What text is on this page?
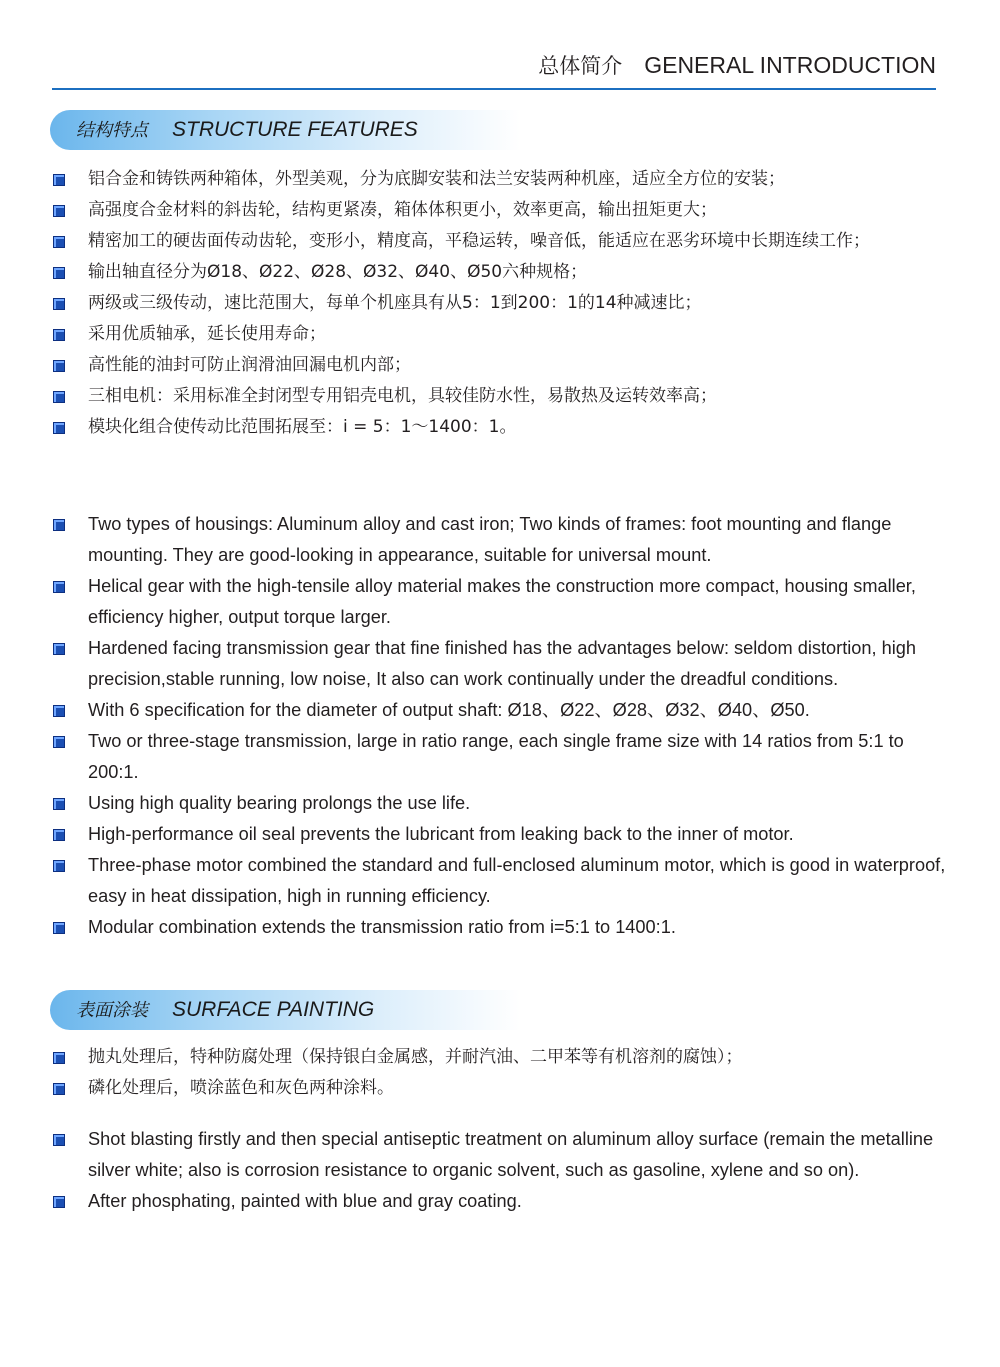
总体简介 GENERAL INTRODUCTION
结构特点 STRUCTURE FEATURES
铝合金和铸铁两种箱体，外型美观，分为底脚安装和法兰安装两种机座，适应全方位的安装；
高强度合金材料的斜齿轮，结构更紧凑，箱体体积更小，效率更高，输出扭矩更大；
精密加工的硬齿面传动齿轮，变形小，精度高，平稳运转，噪音低，能适应在恶劣环境中长期连续工作；
输出轴直径分为Ø18、Ø22、Ø28、Ø32、Ø40、Ø50六种规格；
两级或三级传动，速比范围大，每单个机座具有从5：1到200：1的14种减速比；
采用优质轴承，延长使用寿命；
高性能的油封可防止润滑油回漏电机内部；
三相电机：采用标准全封闭型专用铝壳电机，具较佳防水性，易散热及运转效率高；
模块化组合使传动比范围拓展至：i = 5：1～1400：1。
Two types of housings: Aluminum alloy and cast iron; Two kinds of frames: foot mounting and flange mounting. They are good-looking in appearance, suitable for universal mount.
Helical gear with the high-tensile alloy material makes the construction more compact, housing smaller, efficiency higher, output torque larger.
Hardened facing transmission gear that fine finished has the advantages below: seldom distortion, high precision,stable running, low noise, It also can work continually under the dreadful conditions.
With 6 specification for the diameter of output shaft: Ø18、Ø22、Ø28、Ø32、Ø40、Ø50.
Two or three-stage transmission, large in ratio range, each single frame size with 14 ratios from 5:1 to 200:1.
Using high quality bearing prolongs the use life.
High-performance oil seal prevents the lubricant from leaking back to the inner of motor.
Three-phase motor combined the standard and full-enclosed aluminum motor, which is good in waterproof, easy in heat dissipation, high in running efficiency.
Modular combination extends the transmission ratio from i=5:1 to 1400:1.
表面涂装 SURFACE PAINTING
抛丸处理后，特种防腐处理（保持银白金属感，并耐汽油、二甲苯等有机溶剂的腐蚀）；
磷化处理后，喷涂蓝色和灰色两种涂料。
Shot blasting firstly and then special antiseptic treatment on aluminum alloy surface (remain the metalline silver white; also is corrosion resistance to organic solvent, such as gasoline, xylene and so on).
After phosphating, painted with blue and gray coating.
